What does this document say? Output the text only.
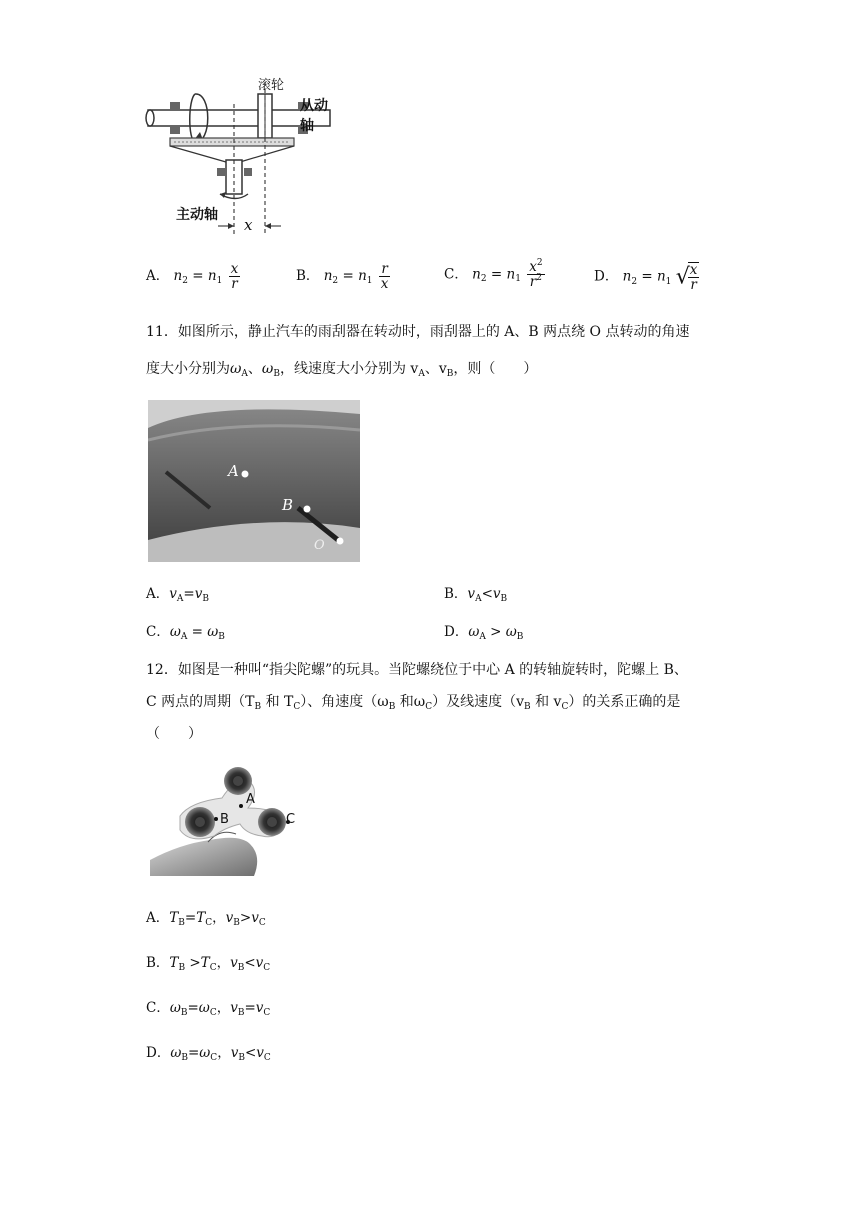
滚轮
从动轴
主动轴
x
A． $n_2 = n_1 \frac{x}{r}$	B． $n_2 = n_1 \frac{r}{x}$	C． $n_2 = n_1 \frac{x^2}{r^2}$	D． $n_2 = n_1$ √
$\frac{x}{r}$
11．如图所示，静止汽车的雨刮器在转动时，雨刮器上的 A、B 两点绕 O 点转动的角速
度大小分别为$\omega_A$、$\omega_B$，线速度大小分别为 $v_A$、$v_B$，则（　　）
A
B
O
A．$v_A=v_B$	B．$v_A<v_B$
C．$\omega_A = \omega_B$	D．$\omega_A > \omega_B$
12．如图是一种叫“指尖陀螺”的玩具。当陀螺绕位于中心 A 的转轴旋转时，陀螺上 B、
C 两点的周期（$T_B$ 和 $T_C$）、角速度（$\omega_B$ 和$\omega_C$）及线速度（$v_B$ 和 $v_C$）的关系正确的是
（　　）
A
B	C
A．$T_B=T_C$，$v_B>v_C$
B．$T_B >T_C$，$v_B<v_C$
C．$\omega_B=\omega_C$，$v_B=v_C$
D．$\omega_B=\omega_C$，$v_B<v_C$
